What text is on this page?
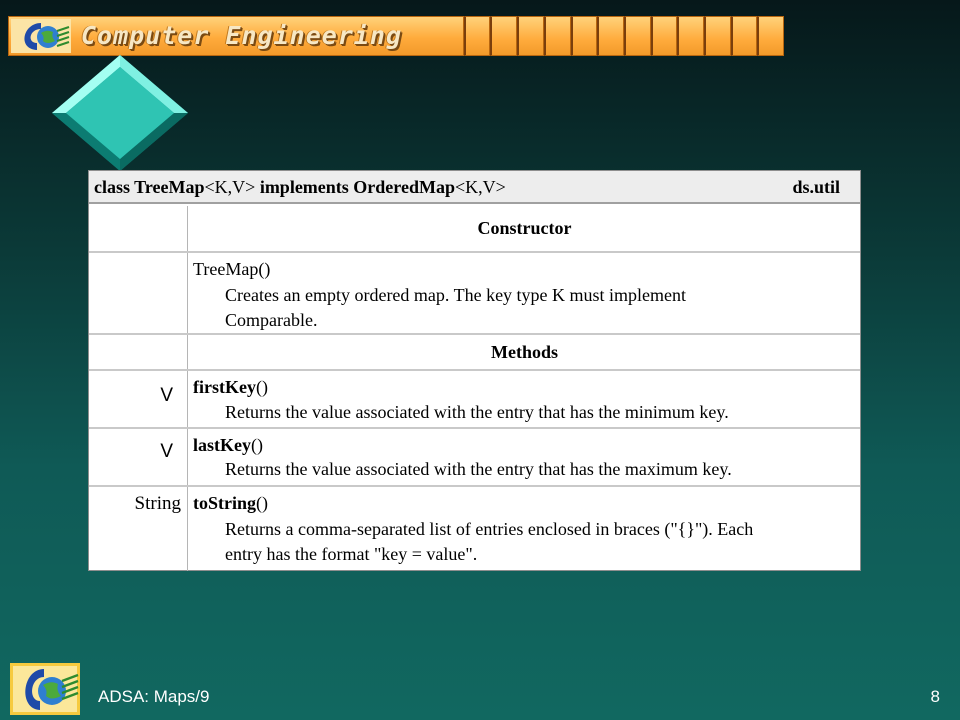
Computer Engineering
class TreeMap<K,V> implements OrderedMap<K,V>	ds.util
Constructor
TreeMap()
Creates an empty ordered map. The key type K must implement
Comparable.
Methods
V firstKey()
Returns the value associated with the entry that has the minimum key.
V lastKey()
Returns the value associated with the entry that has the maximum key.
String toString()
Returns a comma-separated list of entries enclosed in braces ("{}"). Each
entry has the format "key = value".
ADSA: Maps/9	8
